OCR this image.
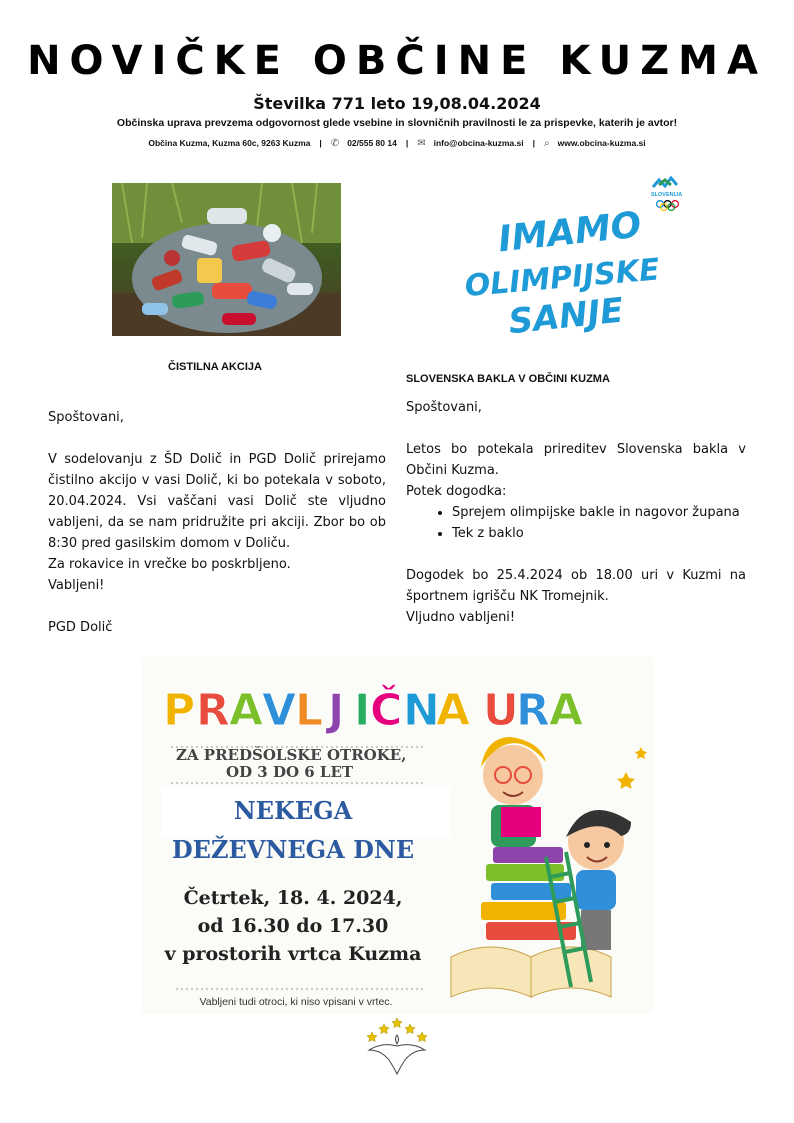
NOVIČKE OBČINE KUZMA
Številka 771 leto 19,08.04.2024
Občinska uprava prevzema odgovornost glede vsebine in slovničnih pravilnosti le za prispevke, katerih je avtor!
Občina Kuzma, Kuzma 60c, 9263 Kuzma | ✆ 02/555 80 14 | ✉ info@obcina-kuzma.si | ⌕ www.obcina-kuzma.si
IMAMO
OLIMPIJSKE
SANJE
SLOVENIJA
ČISTILNA AKCIJA
SLOVENSKA BAKLA V OBČINI KUZMA

Spoštovani,

V sodelovanju z ŠD Dolič in PGD Dolič prirejamo čistilno akcijo v vasi Dolič, ki bo potekala v soboto, 20.04.2024. Vsi vaščani vasi Dolič ste vljudno vabljeni, da se nam pridružite pri akciji. Zbor bo ob 8:30 pred gasilskim domom v Doliču.

Za rokavice in vrečke bo poskrbljeno.

Vabljeni!

PGD Dolič

Spoštovani,

Letos bo potekala prireditev Slovenska bakla v Občini Kuzma.

Potek dogodka:

• Sprejem olimpijske bakle in nagovor župana
• Tek z baklo

Dogodek bo 25.4.2024 ob 18.00 uri v Kuzmi na športnem igrišču NK Tromejnik.

Vljudno vabljeni!

P R A
V
L J I Č N
A U
R A
ZA PREDŠOLSKE OTROKE,
OD 3 DO 6 LET
NEKEGA
DEŽEVNEGA DNE
Četrtek, 18. 4. 2024,
od 16.30 do 17.30
v prostorih vrtca Kuzma
Vabljeni tudi otroci, ki niso vpisani v vrtec.
